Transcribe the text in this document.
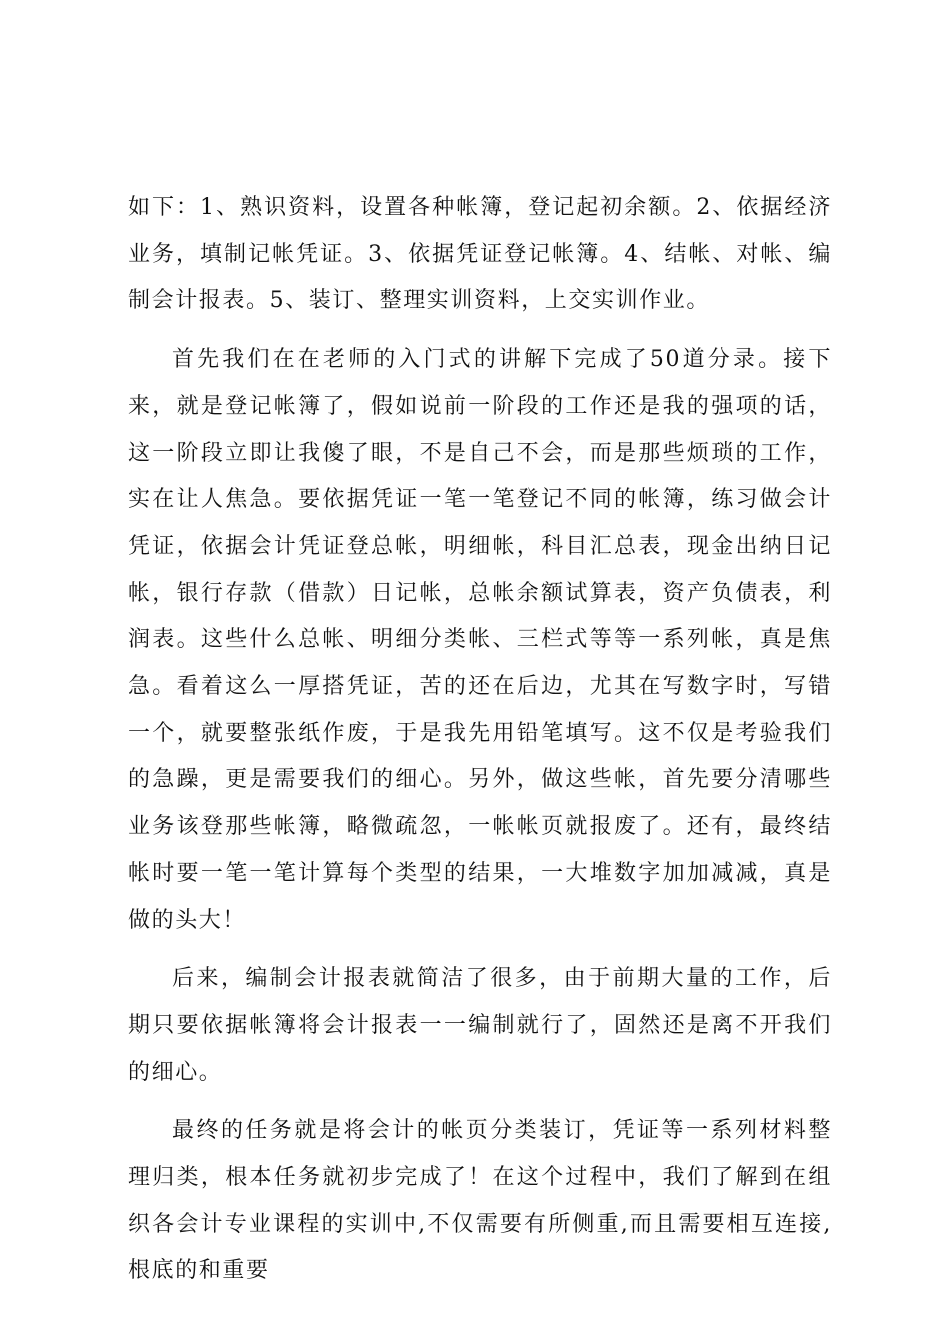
如下：1、熟识资料，设置各种帐簿，登记起初余额。2、依据经济业务，填制记帐凭证。3、依据凭证登记帐簿。4、结帐、对帐、编制会计报表。5、装订、整理实训资料，上交实训作业。

首先我们在在老师的入门式的讲解下完成了50道分录。接下来，就是登记帐簿了，假如说前一阶段的工作还是我的强项的话，这一阶段立即让我傻了眼，不是自己不会，而是那些烦琐的工作，实在让人焦急。要依据凭证一笔一笔登记不同的帐簿，练习做会计凭证，依据会计凭证登总帐，明细帐，科目汇总表，现金出纳日记帐，银行存款（借款）日记帐，总帐余额试算表，资产负债表，利润表。这些什么总帐、明细分类帐、三栏式等等一系列帐，真是焦急。看着这么一厚搭凭证，苦的还在后边，尤其在写数字时，写错一个，就要整张纸作废，于是我先用铅笔填写。这不仅是考验我们的急躁，更是需要我们的细心。另外，做这些帐，首先要分清哪些业务该登那些帐簿，略微疏忽，一帐帐页就报废了。还有，最终结帐时要一笔一笔计算每个类型的结果，一大堆数字加加减减，真是做的头大！

后来，编制会计报表就简洁了很多，由于前期大量的工作，后期只要依据帐簿将会计报表一一编制就行了，固然还是离不开我们的细心。

最终的任务就是将会计的帐页分类装订，凭证等一系列材料整理归类，根本任务就初步完成了！在这个过程中，我们了解到在组织各会计专业课程的实训中,不仅需要有所侧重,而且需要相互连接,根底的和重要
